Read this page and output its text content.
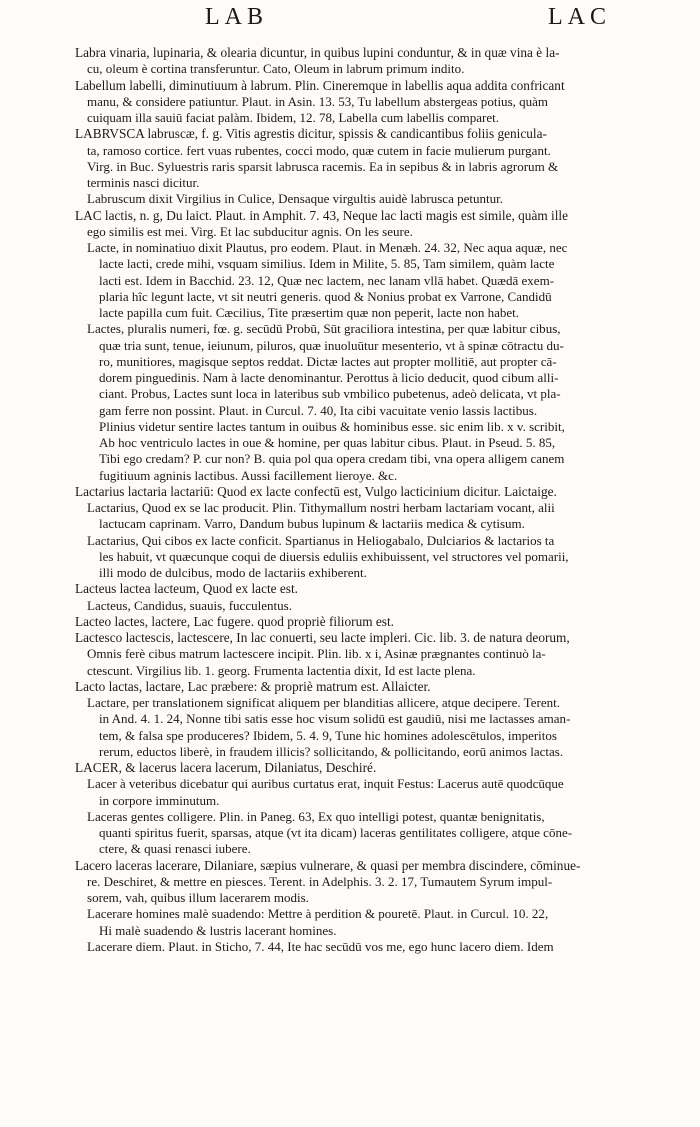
LAB	LAC

Labra vinaria, lupinaria, & olearia dicuntur, in quibus lupini conduntur, & in quæ vina è la-
cu, oleum è cortina transferuntur. Cato, Oleum in labrum primum indito.

Labellum labelli, diminutiuum à labrum. Plin. Cineremque in labellis aqua addita confricant
manu, & considere patiuntur. Plaut. in Asin. 13. 53, Tu labellum abstergeas potius, quàm
cuiquam illa sauiū faciat palàm. Ibidem, 12. 78, Labella cum labellis comparet.

LABRVSCA labruscæ, f. g. Vitis agrestis dicitur, spissis & candicantibus foliis genicula-
ta, ramoso cortice. fert vuas rubentes, cocci modo, quæ cutem in facie mulierum purgant.
Virg. in Buc. Syluestris raris sparsit labrusca racemis. Ea in sepibus & in labris agrorum &
terminis nasci dicitur.

Labruscum dixit Virgilius in Culice, Densaque virgultis auidè labrusca petuntur.

LAC lactis, n. g, Du laict. Plaut. in Amphit. 7. 43, Neque lac lacti magis est simile, quàm ille
ego similis est mei. Virg. Et lac subducitur agnis. On les seure.

Lacte, in nominatiuo dixit Plautus, pro eodem. Plaut. in Menæh. 24. 32, Nec aqua aquæ, nec
lacte lacti, crede mihi, vsquam similius. Idem in Milite, 5. 85, Tam similem, quàm lacte
lacti est. Idem in Bacchid. 23. 12, Quæ nec lactem, nec lanam vllā habet. Quædā exem-
plaria hîc legunt lacte, vt sit neutri generis. quod & Nonius probat ex Varrone, Candidū
lacte papilla cum fuit. Cæcilius, Tite præsertim quæ non peperit, lacte non habet.

Lactes, pluralis numeri, fœ. g. secūdū Probū, Sūt graciliora intestina, per quæ labitur cibus,
quæ tria sunt, tenue, ieiunum, piluros, quæ inuoluūtur mesenterio, vt à spinæ cōtractu du-
ro, munitiores, magisque septos reddat. Dictæ lactes aut propter mollitiē, aut propter cā-
dorem pinguedinis. Nam à lacte denominantur. Perottus à licio deducit, quod cibum alli-
ciant. Probus, Lactes sunt loca in lateribus sub vmbilico pubetenus, adeò delicata, vt pla-
gam ferre non possint. Plaut. in Curcul. 7. 40, Ita cibi vacuitate venio lassis lactibus.
Plinius videtur sentire lactes tantum in ouibus & hominibus esse. sic enim lib. x v. scribit,
Ab hoc ventriculo lactes in oue & homine, per quas labitur cibus. Plaut. in Pseud. 5. 85,
Tibi ego credam? P. cur non? B. quia pol qua opera credam tibi, vna opera alligem canem
fugitiuum agninis lactibus. Aussi facillement lieroye. &c.

Lactarius lactaria lactariū: Quod ex lacte confectū est, Vulgo lacticinium dicitur. Laictaige.

Lactarius, Quod ex se lac producit. Plin. Tithymallum nostri herbam lactariam vocant, alii
lactucam caprinam. Varro, Dandum bubus lupinum & lactariis medica & cytisum.

Lactarius, Qui cibos ex lacte conficit. Spartianus in Heliogabalo, Dulciarios & lactarios ta
les habuit, vt quæcunque coqui de diuersis eduliis exhibuissent, vel structores vel pomarii,
illi modo de dulcibus, modo de lactariis exhiberent.

Lacteus lactea lacteum, Quod ex lacte est.

Lacteus, Candidus, suauis, fucculentus.

Lacteo lactes, lactere, Lac fugere. quod propriè filiorum est.

Lactesco lactescis, lactescere, In lac conuerti, seu lacte impleri. Cic. lib. 3. de natura deorum,
Omnis ferè cibus matrum lactescere incipit. Plin. lib. x i, Asinæ prægnantes continuò la-
ctescunt. Virgilius lib. 1. georg. Frumenta lactentia dixit, Id est lacte plena.

Lacto lactas, lactare, Lac præbere: & propriè matrum est. Allaicter.

Lactare, per translationem significat aliquem per blanditias allicere, atque decipere. Terent.
in And. 4. 1. 24, Nonne tibi satis esse hoc visum solidū est gaudiū, nisi me lactasses aman-
tem, & falsa spe produceres? Ibidem, 5. 4. 9, Tune hic homines adolescētulos, imperitos
rerum, eductos liberè, in fraudem illicis? sollicitando, & pollicitando, eorū animos lactas.

LACER, & lacerus lacera lacerum, Dilaniatus, Deschiré.

Lacer à veteribus dicebatur qui auribus curtatus erat, inquit Festus: Lacerus autē quodcūque
in corpore imminutum.

Laceras gentes colligere. Plin. in Paneg. 63, Ex quo intelligi potest, quantæ benignitatis,
quanti spiritus fuerit, sparsas, atque (vt ita dicam) laceras gentilitates colligere, atque cōne-
ctere, & quasi renasci iubere.

Lacero laceras lacerare, Dilaniare, sæpius vulnerare, & quasi per membra discindere, cōminue-
re. Deschiret, & mettre en piesces. Terent. in Adelphis. 3. 2. 17, Tumautem Syrum impul-
sorem, vah, quibus illum lacerarem modis.

Lacerare homines malè suadendo: Mettre à perdition & pouretē. Plaut. in Curcul. 10. 22,
Hi malè suadendo & lustris lacerant homines.

Lacerare diem. Plaut. in Sticho, 7. 44, Ite hac secūdū vos me, ego hunc lacero diem. Idem
